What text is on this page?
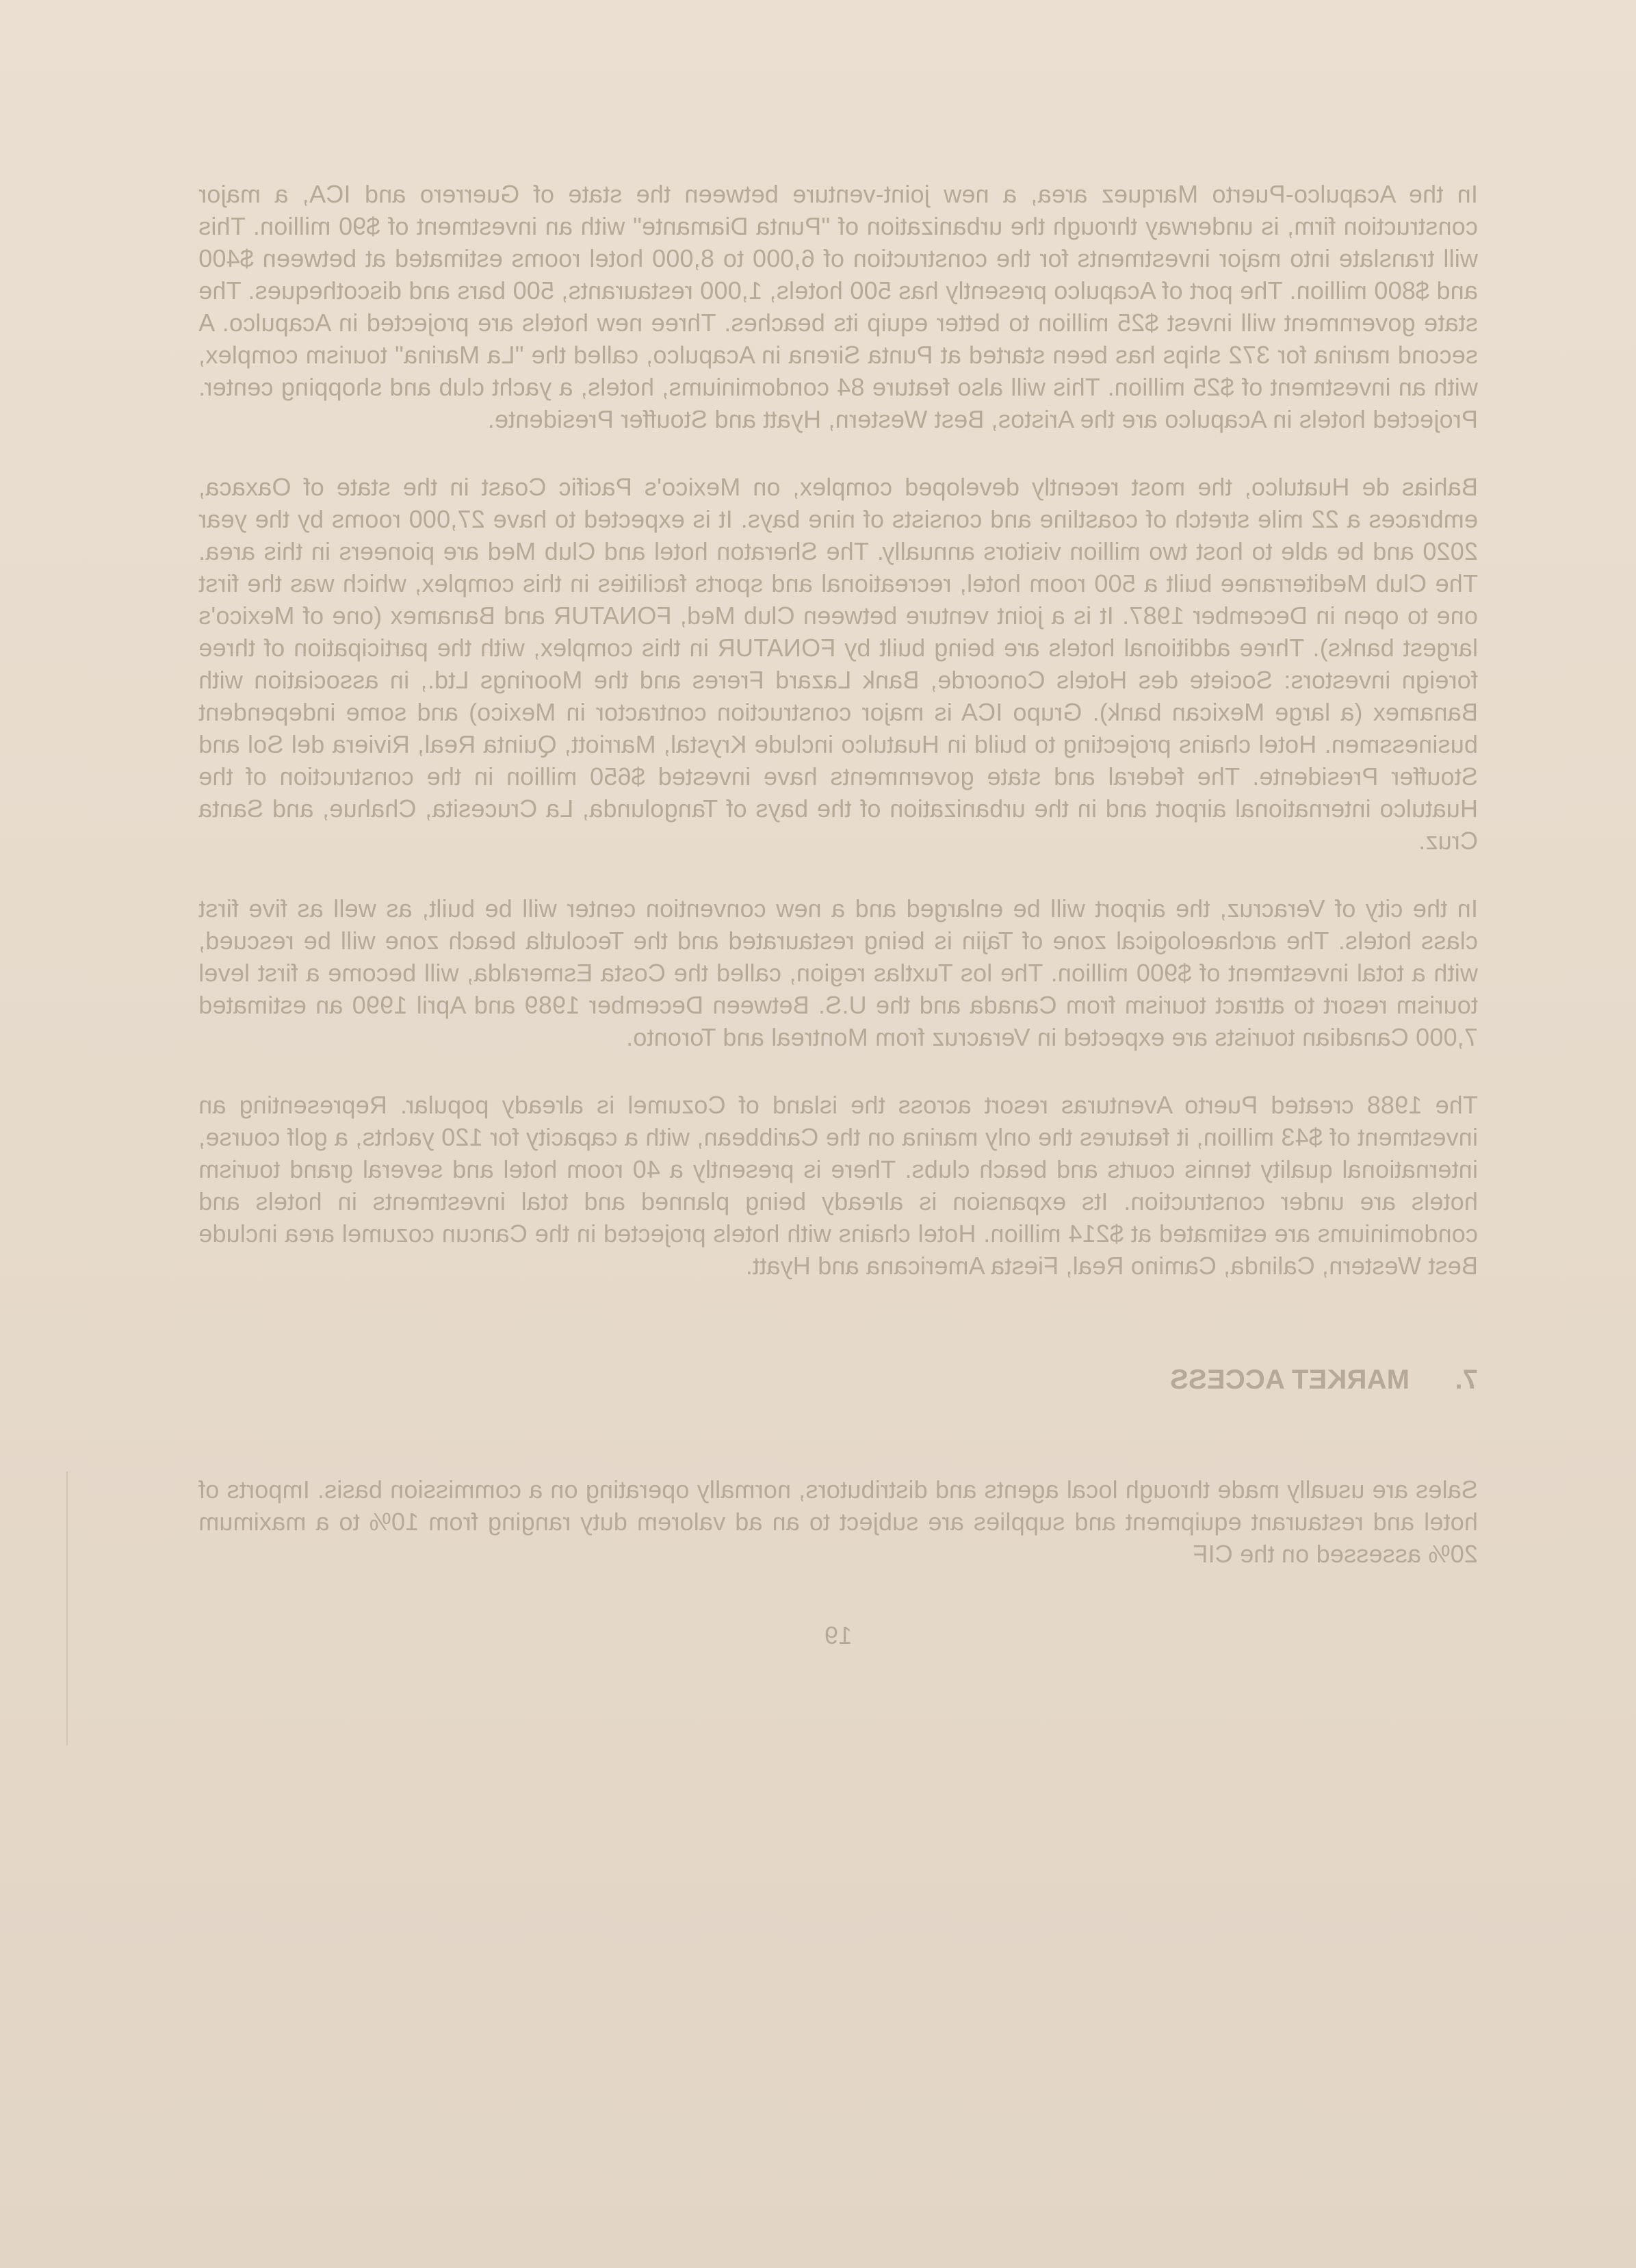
In the Acapulco-Puerto Marquez area, a new joint-venture between the state of Guerrero and ICA, a major construction firm, is underway through the urbanization of "Punta Diamante" with an investment of $90 million. This will translate into major investments for the construction of 6,000 to 8,000 hotel rooms estimated at between $400 and $800 million. The port of Acapulco presently has 500 hotels, 1,000 restaurants, 500 bars and discotheques. The state government will invest $25 million to better equip its beaches. Three new hotels are projected in Acapulco. A second marina for 372 ships has been started at Punta Sirena in Acapulco, called the "La Marina" tourism complex, with an investment of $25 million. This will also feature 84 condominiums, hotels, a yacht club and shopping center. Projected hotels in Acapulco are the Aristos, Best Western, Hyatt and Stouffer Presidente.

Bahias de Huatulco, the most recently developed complex, on Mexico's Pacific Coast in the state of Oaxaca, embraces a 22 mile stretch of coastline and consists of nine bays. It is expected to have 27,000 rooms by the year 2020 and be able to host two million visitors annually. The Sheraton hotel and Club Med are pioneers in this area. The Club Mediterranee built a 500 room hotel, recreational and sports facilities in this complex, which was the first one to open in December 1987. It is a joint venture between Club Med, FONATUR and Banamex (one of Mexico's largest banks). Three additional hotels are being built by FONATUR in this complex, with the participation of three foreign investors: Societe des Hotels Concorde, Bank Lazard Freres and the Moorings Ltd., in association with Banamex (a large Mexican bank). Grupo ICA is major construction contractor in Mexico) and some independent businessmen. Hotel chains projecting to build in Huatulco include Krystal, Marriott, Quinta Real, Riviera del Sol and Stouffer Presidente. The federal and state governments have invested $650 million in the construction of the Huatulco international airport and in the urbanization of the bays of Tangolunda, La Crucesita, Chahue, and Santa Cruz.

In the city of Veracruz, the airport will be enlarged and a new convention center will be built, as well as five first class hotels. The archaeological zone of Tajin is being restaurated and the Tecolutla beach zone will be rescued, with a total investment of $900 million. The los Tuxtlas region, called the Costa Esmeralda, will become a first level tourism resort to attract tourism from Canada and the U.S. Between December 1989 and April 1990 an estimated 7,000 Canadian tourists are expected in Veracruz from Montreal and Toronto.

The 1988 created Puerto Aventuras resort across the island of Cozumel is already popular. Representing an investment of $43 million, it features the only marina on the Caribbean, with a capacity for 120 yachts, a golf course, international quality tennis courts and beach clubs. There is presently a 40 room hotel and several grand tourism hotels are under construction. Its expansion is already being planned and total investments in hotels and condominiums are estimated at $214 million. Hotel chains with hotels projected in the Cancun cozumel area include Best Western, Calinda, Camino Real, Fiesta Americana and Hyatt.

7.MARKET ACCESS

Sales are usually made through local agents and distributors, normally operating on a commission basis. Imports of hotel and restaurant equipment and supplies are subject to an ad valorem duty ranging from 10% to a maximum 20% assessed on the CIF

19
